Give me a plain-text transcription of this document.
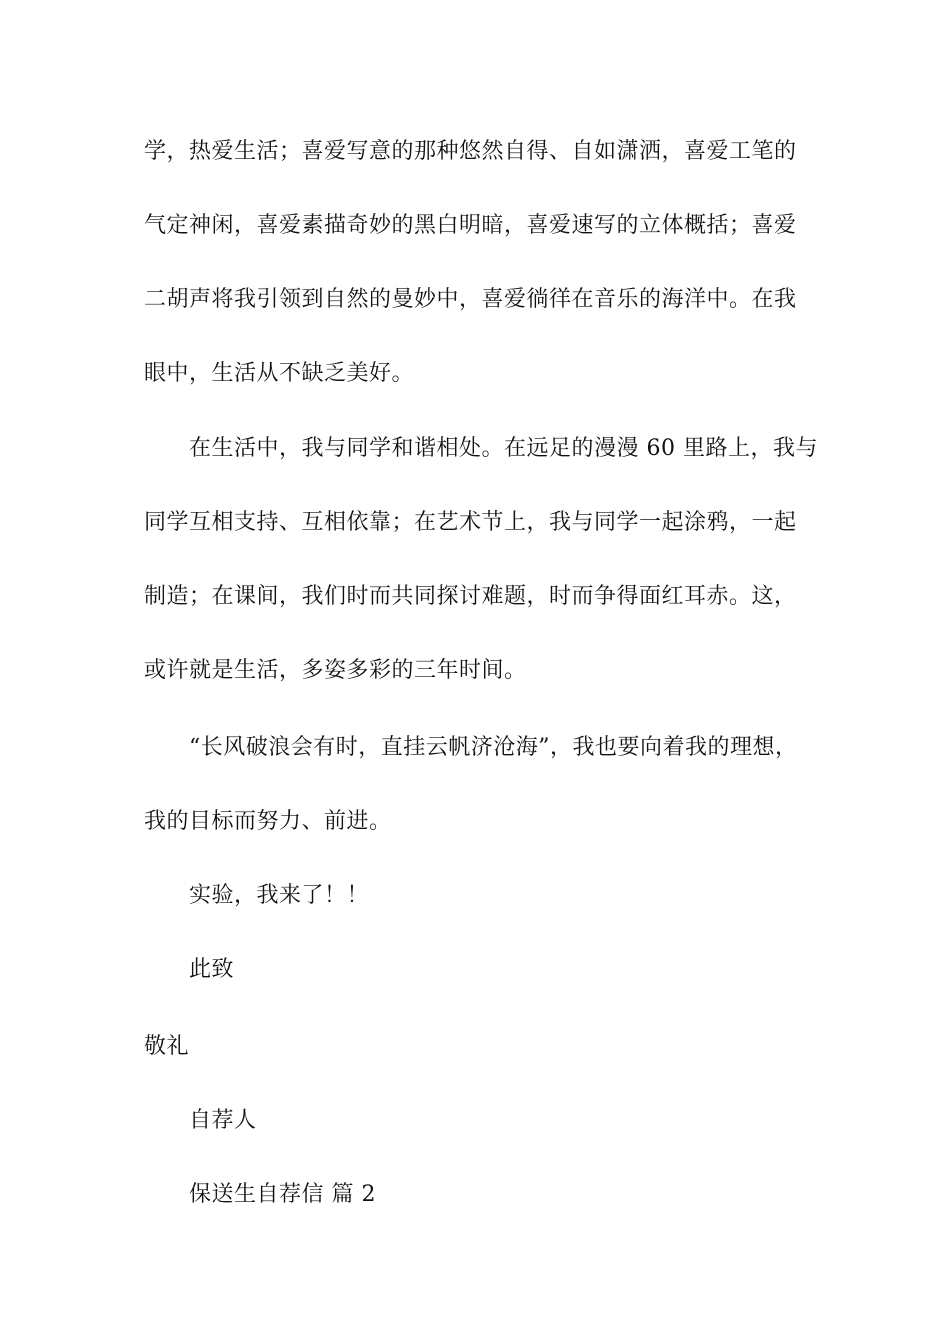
学，热爱生活；喜爱写意的那种悠然自得、自如潇洒，喜爱工笔的
气定神闲，喜爱素描奇妙的黑白明暗，喜爱速写的立体概括；喜爱
二胡声将我引领到自然的曼妙中，喜爱徜徉在音乐的海洋中。在我
眼中，生活从不缺乏美好。
在生活中，我与同学和谐相处。在远足的漫漫 60 里路上，我与
同学互相支持、互相依靠；在艺术节上，我与同学一起涂鸦，一起
制造；在课间，我们时而共同探讨难题，时而争得面红耳赤。这，
或许就是生活，多姿多彩的三年时间。
“长风破浪会有时，直挂云帆济沧海”，我也要向着我的理想，
我的目标而努力、前进。
实验，我来了！！
此致
敬礼
自荐人
保送生自荐信 篇 2
